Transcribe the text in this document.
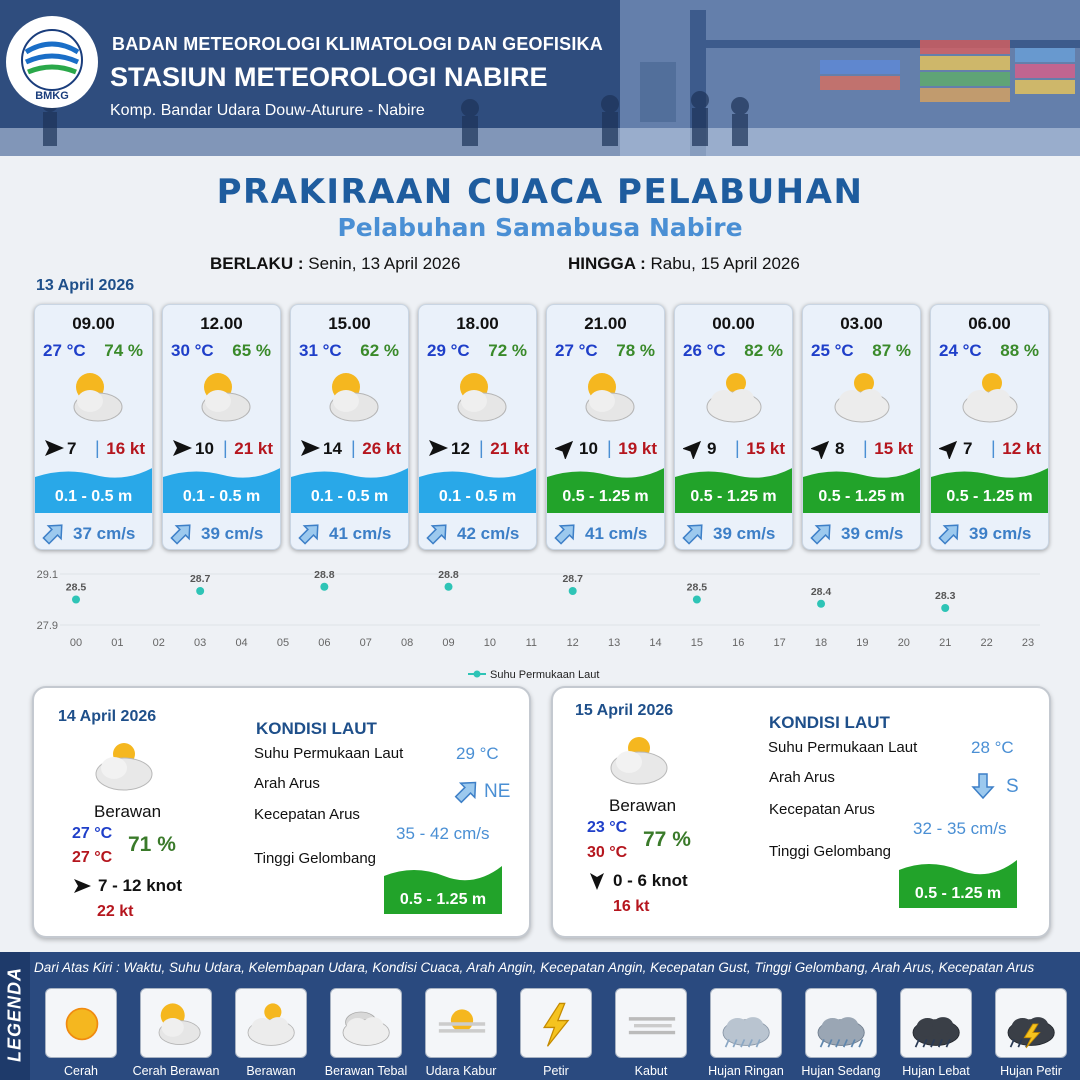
BMKG
BADAN METEOROLOGI KLIMATOLOGI DAN GEOFISIKA
STASIUN METEOROLOGI NABIRE
Komp. Bandar Udara Douw-Aturure - Nabire
PRAKIRAAN CUACA PELABUHAN
Pelabuhan Samabusa Nabire
BERLAKU : Senin, 13 April 2026	HINGGA : Rabu, 15 April 2026
13 April 2026
09.00
27 °C 74 %
7 | 16 kt
0.1 - 0.5 m
37 cm/s
12.00
30 °C 65 %
10 | 21 kt
0.1 - 0.5 m
39 cm/s
15.00
31 °C 62 %
14 | 26 kt
0.1 - 0.5 m
41 cm/s
18.00
29 °C 72 %
12 | 21 kt
0.1 - 0.5 m
42 cm/s
21.00
27 °C 78 %
10 | 19 kt
0.5 - 1.25 m
41 cm/s
00.00
26 °C 82 %
9 | 15 kt
0.5 - 1.25 m
39 cm/s
03.00
25 °C 87 %
8 | 15 kt
0.5 - 1.25 m
39 cm/s
06.00
24 °C 88 %
7 | 12 kt
0.5 - 1.25 m
39 cm/s
29.1
27.9
00	01	02	03	04	05	06	07	08	09	10	11	12	13	14	15	16	17	18	19	20	21	22	23
28.5
28.7	28.8	28.8	28.7
28.5	28.4	28.3
Suhu Permukaan Laut
14 April 2026
Berawan
27 °C
27 °C
71 %
7 - 12 knot
22 kt
KONDISI LAUT
Suhu Permukaan Laut	29 °C
Arah Arus	NE
Kecepatan Arus
35 - 42 cm/s
Tinggi Gelombang
0.5 - 1.25 m
15 April 2026
Berawan
23 °C
30 °C
77 %
0 - 6 knot
16 kt
KONDISI LAUT
Suhu Permukaan Laut	28 °C
Arah Arus	S
Kecepatan Arus
32 - 35 cm/s
Tinggi Gelombang
0.5 - 1.25 m
LEGENDA Dari Atas Kiri : Waktu, Suhu Udara, Kelembapan Udara, Kondisi Cuaca, Arah Angin, Kecepatan Angin, Kecepatan Gust, Tinggi Gelombang, Arah Arus, Kecepatan Arus
Cerah	Cerah Berawan	Berawan	Berawan Tebal	Udara Kabur	Petir	Kabut	Hujan Ringan	Hujan Sedang	Hujan Lebat	Hujan Petir
